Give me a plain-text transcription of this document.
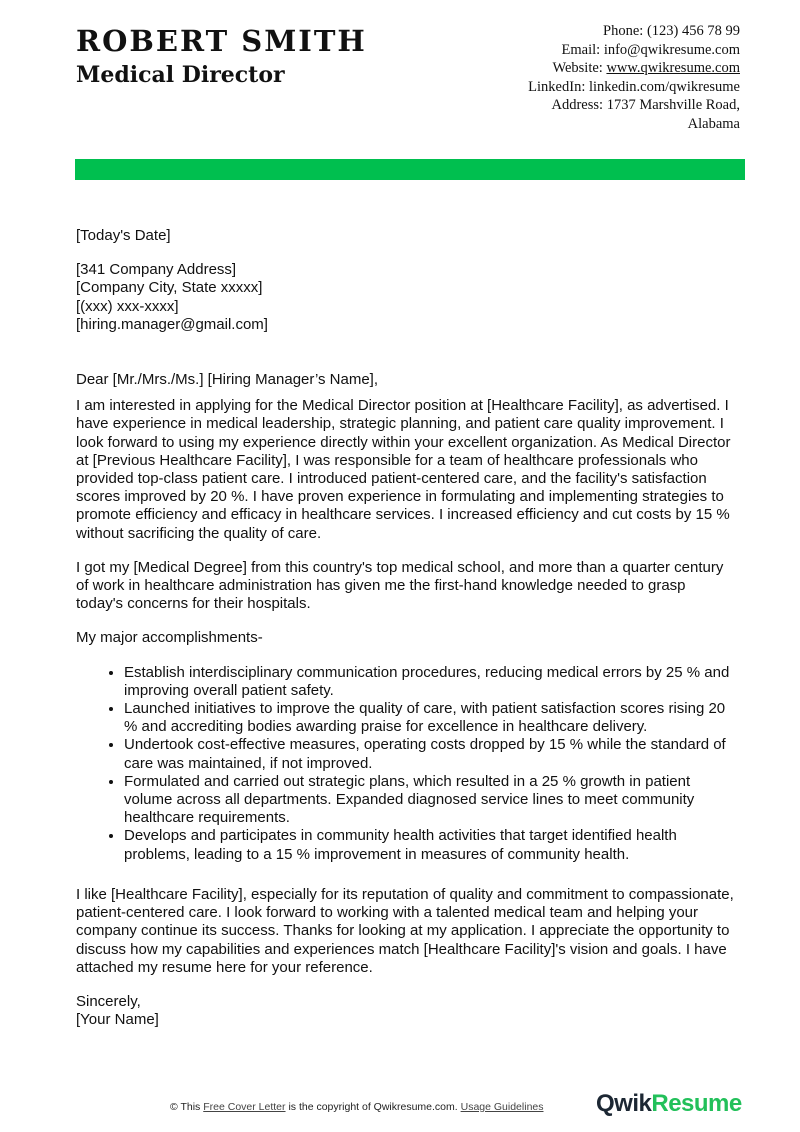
ROBERT SMITH
Medical Director
Phone: (123) 456 78 99
Email: info@qwikresume.com
Website: www.qwikresume.com
LinkedIn: linkedin.com/qwikresume
Address: 1737 Marshville Road,
Alabama

[Today's Date]

[341 Company Address]
[Company City, State xxxxx]
[(xxx) xxx-xxxx]
[hiring.manager@gmail.com]

Dear [Mr./Mrs./Ms.] [Hiring Manager’s Name],

I am interested in applying for the Medical Director position at [Healthcare Facility], as advertised. I have experience in medical leadership, strategic planning, and patient care quality improvement. I look forward to using my experience directly within your excellent organization. As Medical Director at [Previous Healthcare Facility], I was responsible for a team of healthcare professionals who provided top-class patient care. I introduced patient-centered care, and the facility's satisfaction scores improved by 20 %. I have proven experience in formulating and implementing strategies to promote efficiency and efficacy in healthcare services. I increased efficiency and cut costs by 15 % without sacrificing the quality of care.

I got my [Medical Degree] from this country's top medical school, and more than a quarter century of work in healthcare administration has given me the first-hand knowledge needed to grasp today's concerns for their hospitals.

My major accomplishments-

• Establish interdisciplinary communication procedures, reducing medical errors by 25 % and improving overall patient safety.
• Launched initiatives to improve the quality of care, with patient satisfaction scores rising 20 % and accrediting bodies awarding praise for excellence in healthcare delivery.
• Undertook cost-effective measures, operating costs dropped by 15 % while the standard of care was maintained, if not improved.
• Formulated and carried out strategic plans, which resulted in a 25 % growth in patient volume across all departments. Expanded diagnosed service lines to meet community healthcare requirements.
• Develops and participates in community health activities that target identified health problems, leading to a 15 % improvement in measures of community health.

I like [Healthcare Facility], especially for its reputation of quality and commitment to compassionate, patient-centered care. I look forward to working with a talented medical team and helping your company continue its success. Thanks for looking at my application. I appreciate the opportunity to discuss how my capabilities and experiences match [Healthcare Facility]'s vision and goals. I have attached my resume here for your reference.

Sincerely,
[Your Name]

© This Free Cover Letter is the copyright of Qwikresume.com. Usage Guidelines QwikResume
